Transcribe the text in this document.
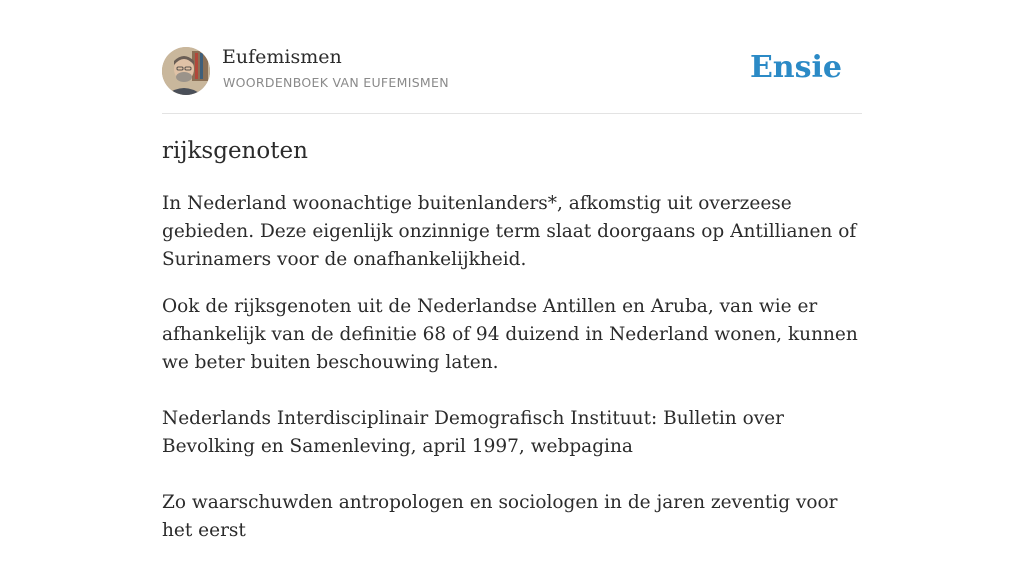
Eufemismen
WOORDENBOEK VAN EUFEMISMEN	Ensie
rijksgenoten

In Nederland woonachtige buitenlanders*, afkomstig uit overzeese gebieden. Deze eigenlijk onzinnige term slaat doorgaans op Antillianen of Surinamers voor de onafhankelijkheid.

Ook de rijksgenoten uit de Nederlandse Antillen en Aruba, van wie er afhankelijk van de definitie 68 of 94 duizend in Nederland wonen, kunnen we beter buiten beschouwing laten.

Nederlands Interdisciplinair Demografisch Instituut: Bulletin over Bevolking en Samenleving, april 1997, webpagina

Zo waarschuwden antropologen en sociologen in de jaren zeventig voor het eerst
